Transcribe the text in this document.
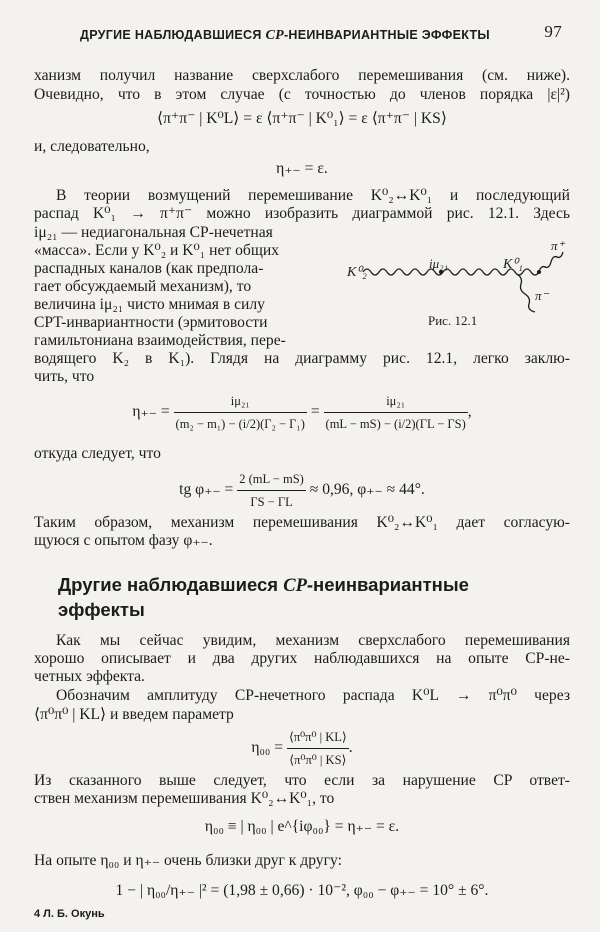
ДРУГИЕ НАБЛЮДАВШИЕСЯ CP-НЕИНВАРИАНТНЫЕ ЭФФЕКТЫ	97
ханизм получил название сверхслабого перемешивания (см. ниже).
Очевидно, что в этом случае (с точностью до членов порядка |ε|²)
⟨π⁺π⁻ | K⁰L⟩ = ε ⟨π⁺π⁻ | K⁰₁⟩ = ε ⟨π⁺π⁻ | KS⟩
и, следовательно,
η₊₋ = ε.
В теории возмущений перемешивание K⁰₂↔K⁰₁ и последующий
распад K⁰₁ → π⁺π⁻ можно изобразить диаграммой рис. 12.1. Здесь
iμ₂₁ — недиагональная CP-нечетная
«масса». Если у K⁰₂ и K⁰₁ нет общих
распадных каналов (как предпола-
гает обсуждаемый механизм), то
величина iμ₂₁ чисто мнимая в силу
CPT-инвариантности (эрмитовости
гамильтониана взаимодействия, пере-
водящего K₂ в K₁). Глядя на диаграмму рис. 12.1, легко заклю-
чить, что
K⁰₂
iμ₂₁	K⁰₁
π⁺
π⁻
Рис. 12.1
$\eta_{+-} = \frac{\text{iμ₂₁}}{\text{(m₂ − m₁) − (i/2)(Γ₂ − Γ₁)}} = \frac{\text{iμ₂₁}}{(mL - mS) - (i/2)(\Gamma L - \Gamma S)}$ ,
откуда следует, что
tg $\varphi_{+-} = \frac{2 (mL - mS)}{\Gamma S - \Gamma L} \approx 0,96$, φ₊₋ ≈ 44°.
Таким образом, механизм перемешивания K⁰₂↔K⁰₁ дает согласую-
щуюся с опытом фазу φ₊₋.
Другие наблюдавшиеся CP-неинвариантные
эффекты
Как мы сейчас увидим, механизм сверхслабого перемешивания
хорошо описывает и два других наблюдавшихся на опыте CP-не-
четных эффекта.
Обозначим амплитуду CP-нечетного распада K⁰L → π⁰π⁰ через
⟨π⁰π⁰ | KL⟩ и введем параметр
$\eta_{00} = \frac{\text{⟨π⁰π⁰ | KL⟩}}{\text{⟨π⁰π⁰ | KS⟩}}$ .
Из сказанного выше следует, что если за нарушение CP ответ-
ствен механизм перемешивания K⁰₂↔K⁰₁, то
η₀₀ ≡ | η₀₀ | e^{iφ₀₀} = η₊₋ = ε.
На опыте η₀₀ и η₊₋ очень близки друг к другу:
1 − | η₀₀/η₊₋ |² = (1,98 ± 0,66) · 10⁻², φ₀₀ − φ₊₋ = 10° ± 6°.
4 Л. Б. Окунь
